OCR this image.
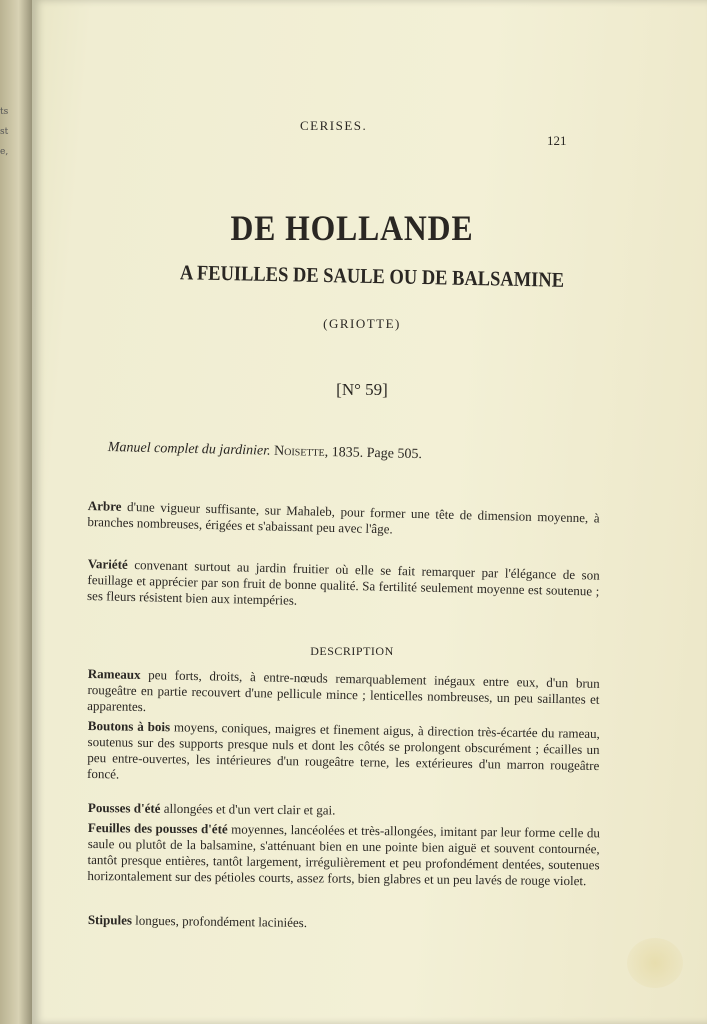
ts
st
e,
CERISES.
121
DE HOLLANDE
A FEUILLES DE SAULE OU DE BALSAMINE
(GRIOTTE)
[N° 59]
Manuel complet du jardinier. Noisette, 1835. Page 505.
Arbre d'une vigueur suffisante, sur Mahaleb, pour former une tête de dimension moyenne, à branches nombreuses, érigées et s'abaissant peu avec l'âge.
Variété convenant surtout au jardin fruitier où elle se fait remarquer par l'élégance de son feuillage et apprécier par son fruit de bonne qualité. Sa fertilité seulement moyenne est soutenue ; ses fleurs résistent bien aux intempéries.
DESCRIPTION
Rameaux peu forts, droits, à entre-nœuds remarquablement inégaux entre eux, d'un brun rougeâtre en partie recouvert d'une pellicule mince ; lenticelles nombreuses, un peu saillantes et apparentes.
Boutons à bois moyens, coniques, maigres et finement aigus, à direction très-écartée du rameau, soutenus sur des supports presque nuls et dont les côtés se prolongent obscurément ; écailles un peu entre-ouvertes, les intérieures d'un rougeâtre terne, les extérieures d'un marron rougeâtre foncé.
Pousses d'été allongées et d'un vert clair et gai.
Feuilles des pousses d'été moyennes, lancéolées et très-allongées, imitant par leur forme celle du saule ou plutôt de la balsamine, s'atténuant bien en une pointe bien aiguë et souvent contournée, tantôt presque entières, tantôt largement, irrégulièrement et peu profondément dentées, soutenues horizontalement sur des pétioles courts, assez forts, bien glabres et un peu lavés de rouge violet.
Stipules longues, profondément laciniées.
